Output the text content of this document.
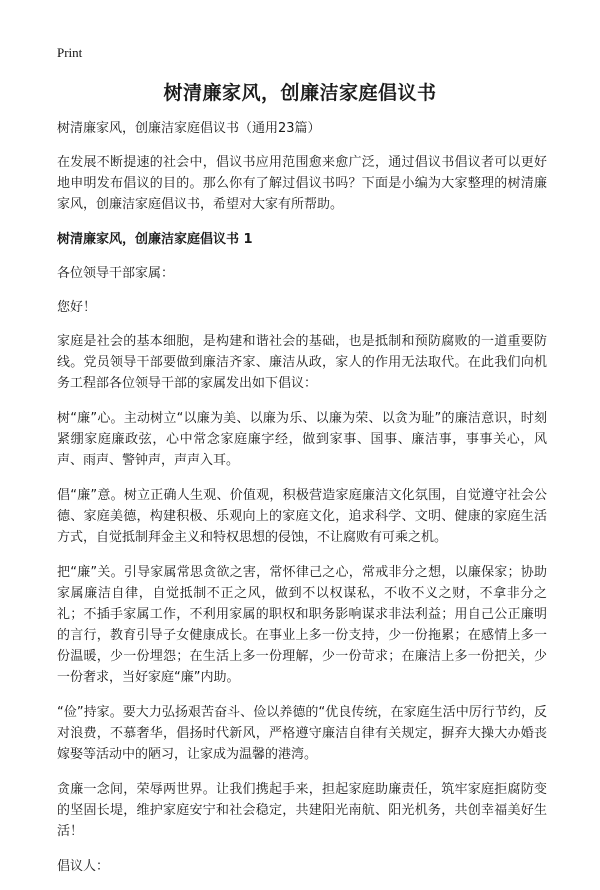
Print
树清廉家风，创廉洁家庭倡议书

树清廉家风，创廉洁家庭倡议书（通用23篇）

在发展不断提速的社会中，倡议书应用范围愈来愈广泛，通过倡议书倡议者可以更好地申明发布倡议的目的。那么你有了解过倡议书吗？下面是小编为大家整理的树清廉家风，创廉洁家庭倡议书，希望对大家有所帮助。

树清廉家风，创廉洁家庭倡议书 1

各位领导干部家属：

您好！

家庭是社会的基本细胞，是构建和谐社会的基础，也是抵制和预防腐败的一道重要防线。党员领导干部要做到廉洁齐家、廉洁从政，家人的作用无法取代。在此我们向机务工程部各位领导干部的家属发出如下倡议：

树“廉”心。主动树立“以廉为美、以廉为乐、以廉为荣、以贪为耻”的廉洁意识，时刻紧绷家庭廉政弦，心中常念家庭廉字经，做到家事、国事、廉洁事，事事关心，风声、雨声、警钟声，声声入耳。

倡“廉”意。树立正确人生观、价值观，积极营造家庭廉洁文化氛围，自觉遵守社会公德、家庭美德，构建积极、乐观向上的家庭文化，追求科学、文明、健康的家庭生活方式，自觉抵制拜金主义和特权思想的侵蚀，不让腐败有可乘之机。

把“廉”关。引导家属常思贪欲之害，常怀律己之心，常戒非分之想，以廉保家；协助家属廉洁自律，自觉抵制不正之风，做到不以权谋私，不收不义之财，不拿非分之礼；不插手家属工作，不利用家属的职权和职务影响谋求非法利益；用自己公正廉明的言行，教育引导子女健康成长。在事业上多一份支持，少一份拖累；在感情上多一份温暖，少一份埋怨；在生活上多一份理解，少一份苛求；在廉洁上多一份把关，少一份奢求，当好家庭“廉”内助。

“俭”持家。要大力弘扬艰苦奋斗、俭以养德的“优良传统，在家庭生活中厉行节约，反对浪费，不慕奢华，倡扬时代新风，严格遵守廉洁自律有关规定，摒弃大操大办婚丧嫁娶等活动中的陋习，让家成为温馨的港湾。

贪廉一念间，荣辱两世界。让我们携起手来，担起家庭助廉责任，筑牢家庭拒腐防变的坚固长堤，维护家庭安宁和社会稳定，共建阳光南航、阳光机务，共创幸福美好生活！

倡议人：
